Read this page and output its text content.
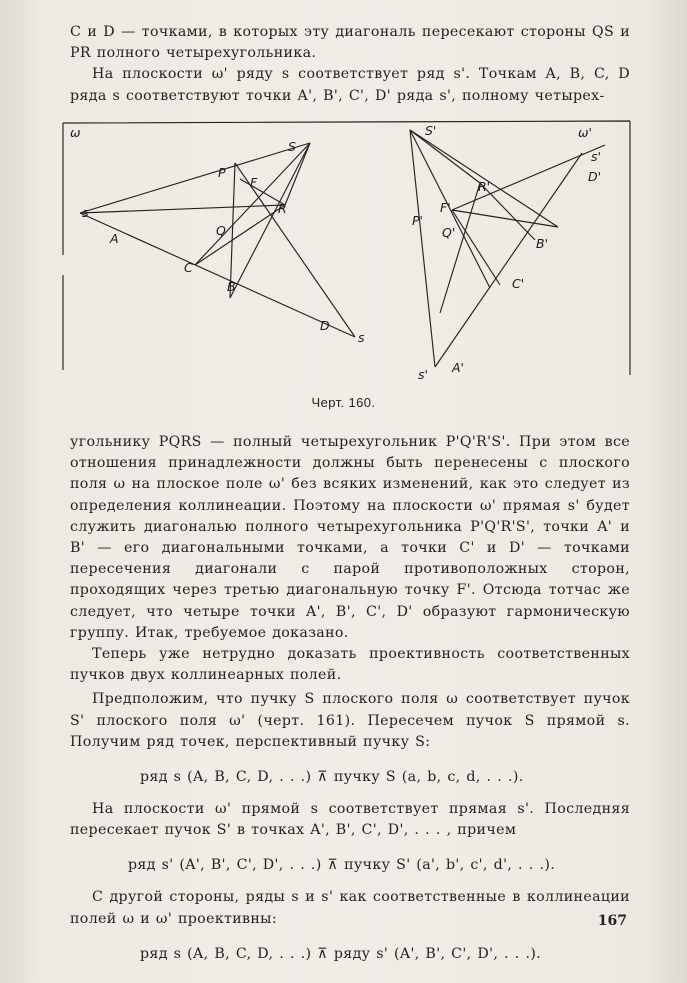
C и D — точками, в которых эту диагональ пересекают стороны QS и PR полного четырехугольника.

На плоскости ω' ряду s соответствует ряд s'. Точкам A, B, C, D ряда s соответствуют точки A', B', C', D' ряда s', полному четырех-

ω
S
P
F
R
Q
A
C
B
D
s
s
ω'
S'
s'
D'
R'
P'
F'
Q'
B'
C'
A'
s'
Черт. 160.

угольнику PQRS — полный четырехугольник P'Q'R'S'. При этом все отношения принадлежности должны быть перенесены с плоского поля ω на плоское поле ω' без всяких изменений, как это следует из определения коллинеации. Поэтому на плоскости ω' прямая s' будет служить диагональю полного четырехугольника P'Q'R'S', точки A' и B' — его диагональными точками, а точки C' и D' — точками пересечения диагонали с парой противоположных сторон, проходящих через третью диагональную точку F'. Отсюда тотчас же следует, что четыре точки A', B', C', D' образуют гармоническую группу. Итак, требуемое доказано.

Теперь уже нетрудно доказать проективность соответственных пучков двух коллинеарных полей.

Предположим, что пучку S плоского поля ω соответствует пучок S' плоского поля ω' (черт. 161). Пересечем пучок S прямой s. Получим ряд точек, перспективный пучку S:

ряд s (A, B, C, D, . . .) ⊼ пучку S (a, b, c, d, . . .).

На плоскости ω' прямой s соответствует прямая s'. Последняя пересекает пучок S' в точках A', B', C', D', . . . , причем

ряд s' (A', B', C', D', . . .) ⊼ пучку S' (a', b', c', d', . . .).

С другой стороны, ряды s и s' как соответственные в коллинеации полей ω и ω' проективны:

ряд s (A, B, C, D, . . .) ⊼ ряду s' (A', B', C', D', . . .).

167
